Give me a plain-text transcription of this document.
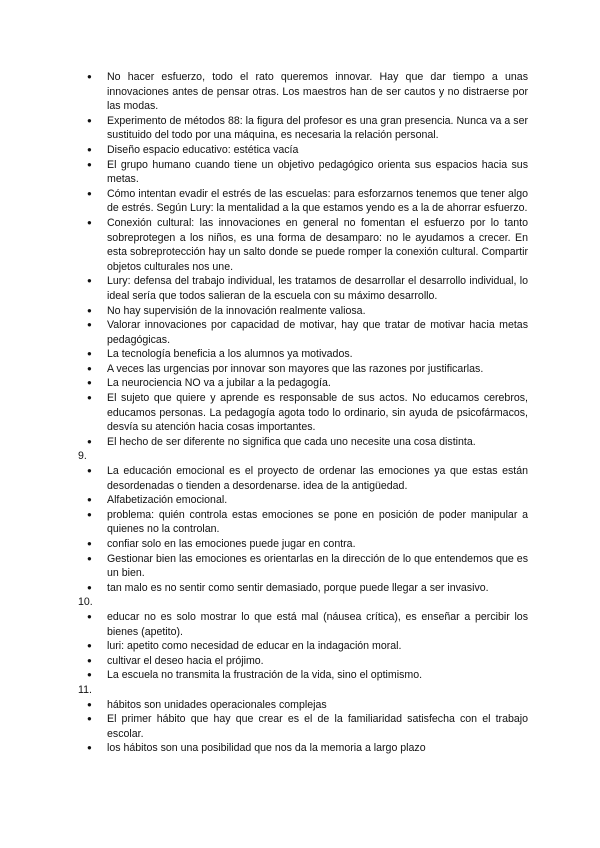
● No hacer esfuerzo, todo el rato queremos innovar. Hay que dar tiempo a unas innovaciones antes de pensar otras. Los maestros han de ser cautos y no distraerse por las modas.
● Experimento de métodos 88: la figura del profesor es una gran presencia. Nunca va a ser sustituido del todo por una máquina, es necesaria la relación personal.
● Diseño espacio educativo: estética vacía
● El grupo humano cuando tiene un objetivo pedagógico orienta sus espacios hacia sus metas.
● Cómo intentan evadir el estrés de las escuelas: para esforzarnos tenemos que tener algo de estrés. Según Lury: la mentalidad a la que estamos yendo es a la de ahorrar esfuerzo.
● Conexión cultural: las innovaciones en general no fomentan el esfuerzo por lo tanto sobreprotegen a los niños, es una forma de desamparo: no le ayudamos a crecer. En esta sobreprotección hay un salto donde se puede romper la conexión cultural. Compartir objetos culturales nos une.
● Lury: defensa del trabajo individual, les tratamos de desarrollar el desarrollo individual, lo ideal sería que todos salieran de la escuela con su máximo desarrollo.
● No hay supervisión de la innovación realmente valiosa.
● Valorar innovaciones por capacidad de motivar, hay que tratar de motivar hacia metas pedagógicas.
● La tecnología beneficia a los alumnos ya motivados.
● A veces las urgencias por innovar son mayores que las razones por justificarlas.
● La neurociencia NO va a jubilar a la pedagogía.
● El sujeto que quiere y aprende es responsable de sus actos. No educamos cerebros, educamos personas. La pedagogía agota todo lo ordinario, sin ayuda de psicofármacos, desvía su atención hacia cosas importantes.
● El hecho de ser diferente no significa que cada uno necesite una cosa distinta.
9.
● La educación emocional es el proyecto de ordenar las emociones ya que estas están desordenadas o tienden a desordenarse. idea de la antigüedad.
● Alfabetización emocional.
● problema: quién controla estas emociones se pone en posición de poder manipular a quienes no la controlan.
● confiar solo en las emociones puede jugar en contra.
● Gestionar bien las emociones es orientarlas en la dirección de lo que entendemos que es un bien.
● tan malo es no sentir como sentir demasiado, porque puede llegar a ser invasivo.
10.
● educar no es solo mostrar lo que está mal (náusea crítica), es enseñar a percibir los bienes (apetito).
● luri: apetito como necesidad de educar en la indagación moral.
● cultivar el deseo hacia el prójimo.
● La escuela no transmita la frustración de la vida, sino el optimismo.
11.
● hábitos son unidades operacionales complejas
● El primer hábito que hay que crear es el de la familiaridad satisfecha con el trabajo escolar.
● los hábitos son una posibilidad que nos da la memoria a largo plazo
